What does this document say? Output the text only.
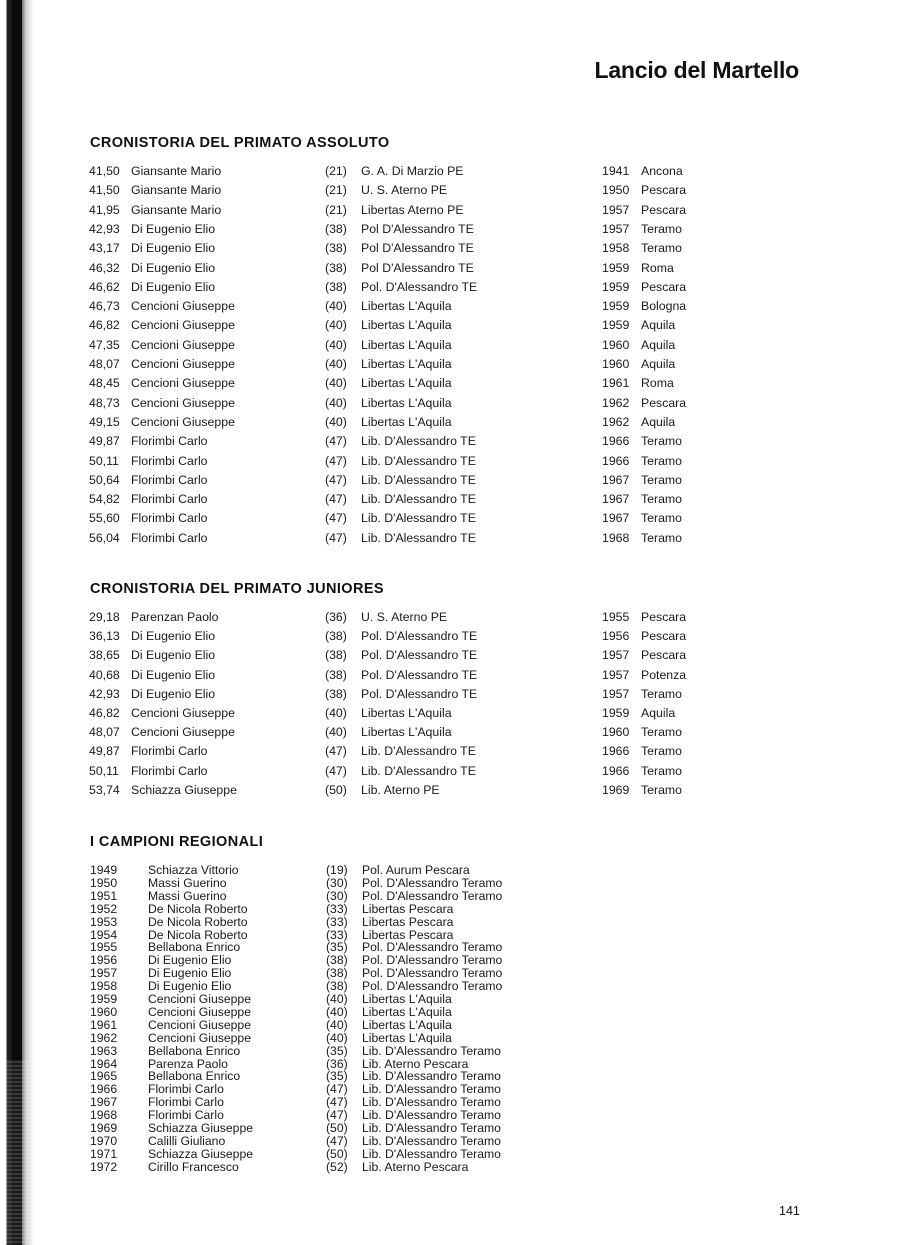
Lancio del Martello
CRONISTORIA DEL PRIMATO ASSOLUTO
41,50 Giansante Mario	(21) G. A. Di Marzio PE	1941 Ancona
41,50 Giansante Mario	(21) U. S. Aterno PE	1950 Pescara
41,95 Giansante Mario	(21) Libertas Aterno PE	1957 Pescara
42,93 Di Eugenio Elio	(38) Pol D'Alessandro TE	1957 Teramo
43,17 Di Eugenio Elio	(38) Pol D'Alessandro TE	1958 Teramo
46,32 Di Eugenio Elio	(38) Pol D'Alessandro TE	1959 Roma
46,62 Di Eugenio Elio	(38) Pol. D'Alessandro TE	1959 Pescara
46,73 Cencioni Giuseppe	(40) Libertas L'Aquila	1959 Bologna
46,82 Cencioni Giuseppe	(40) Libertas L'Aquila	1959 Aquila
47,35 Cencioni Giuseppe	(40) Libertas L'Aquila	1960 Aquila
48,07 Cencioni Giuseppe	(40) Libertas L'Aquila	1960 Aquila
48,45 Cencioni Giuseppe	(40) Libertas L'Aquila	1961 Roma
48,73 Cencioni Giuseppe	(40) Libertas L'Aquila	1962 Pescara
49,15 Cencioni Giuseppe	(40) Libertas L'Aquila	1962 Aquila
49,87 Florimbi Carlo	(47) Lib. D'Alessandro TE	1966 Teramo
50,11 Florimbi Carlo	(47) Lib. D'Alessandro TE	1966 Teramo
50,64 Florimbi Carlo	(47) Lib. D'Alessandro TE	1967 Teramo
54,82 Florimbi Carlo	(47) Lib. D'Alessandro TE	1967 Teramo
55,60 Florimbi Carlo	(47) Lib. D'Alessandro TE	1967 Teramo
56,04 Florimbi Carlo	(47) Lib. D'Alessandro TE	1968 Teramo
CRONISTORIA DEL PRIMATO JUNIORES
29,18 Parenzan Paolo	(36) U. S. Aterno PE	1955 Pescara
36,13 Di Eugenio Elio	(38) Pol. D'Alessandro TE	1956 Pescara
38,65 Di Eugenio Elio	(38) Pol. D'Alessandro TE	1957 Pescara
40,68 Di Eugenio Elio	(38) Pol. D'Alessandro TE	1957 Potenza
42,93 Di Eugenio Elio	(38) Pol. D'Alessandro TE	1957 Teramo
46,82 Cencioni Giuseppe	(40) Libertas L'Aquila	1959 Aquila
48,07 Cencioni Giuseppe	(40) Libertas L'Aquila	1960 Teramo
49,87 Florimbi Carlo	(47) Lib. D'Alessandro TE	1966 Teramo
50,11 Florimbi Carlo	(47) Lib. D'Alessandro TE	1966 Teramo
53,74 Schiazza Giuseppe	(50) Lib. Aterno PE	1969 Teramo
I CAMPIONI REGIONALI
1949	Schiazza Vittorio	(19) Pol. Aurum Pescara
1950	Massi Guerino	(30) Pol. D'Alessandro Teramo
1951	Massi Guerino	(30) Pol. D'Alessandro Teramo
1952	De Nicola Roberto	(33) Libertas Pescara
1953	De Nicola Roberto	(33) Libertas Pescara
1954	De Nicola Roberto	(33) Libertas Pescara
1955	Bellabona Enrico	(35) Pol. D'Alessandro Teramo
1956	Di Eugenio Elio	(38) Pol. D'Alessandro Teramo
1957	Di Eugenio Elio	(38) Pol. D'Alessandro Teramo
1958	Di Eugenio Elio	(38) Pol. D'Alessandro Teramo
1959	Cencioni Giuseppe	(40) Libertas L'Aquila
1960	Cencioni Giuseppe	(40) Libertas L'Aquila
1961	Cencioni Giuseppe	(40) Libertas L'Aquila
1962	Cencioni Giuseppe	(40) Libertas L'Aquila
1963	Bellabona Enrico	(35) Lib. D'Alessandro Teramo
1964	Parenza Paolo	(36) Lib. Aterno Pescara
1965	Bellabona Enrico	(35) Lib. D'Alessandro Teramo
1966	Florimbi Carlo	(47) Lib. D'Alessandro Teramo
1967	Florimbi Carlo	(47) Lib. D'Alessandro Teramo
1968	Florimbi Carlo	(47) Lib. D'Alessandro Teramo
1969	Schiazza Giuseppe	(50) Lib. D'Alessandro Teramo
1970	Calilli Giuliano	(47) Lib. D'Alessandro Teramo
1971	Schiazza Giuseppe	(50) Lib. D'Alessandro Teramo
1972	Cirillo Francesco	(52) Lib. Aterno Pescara
141
